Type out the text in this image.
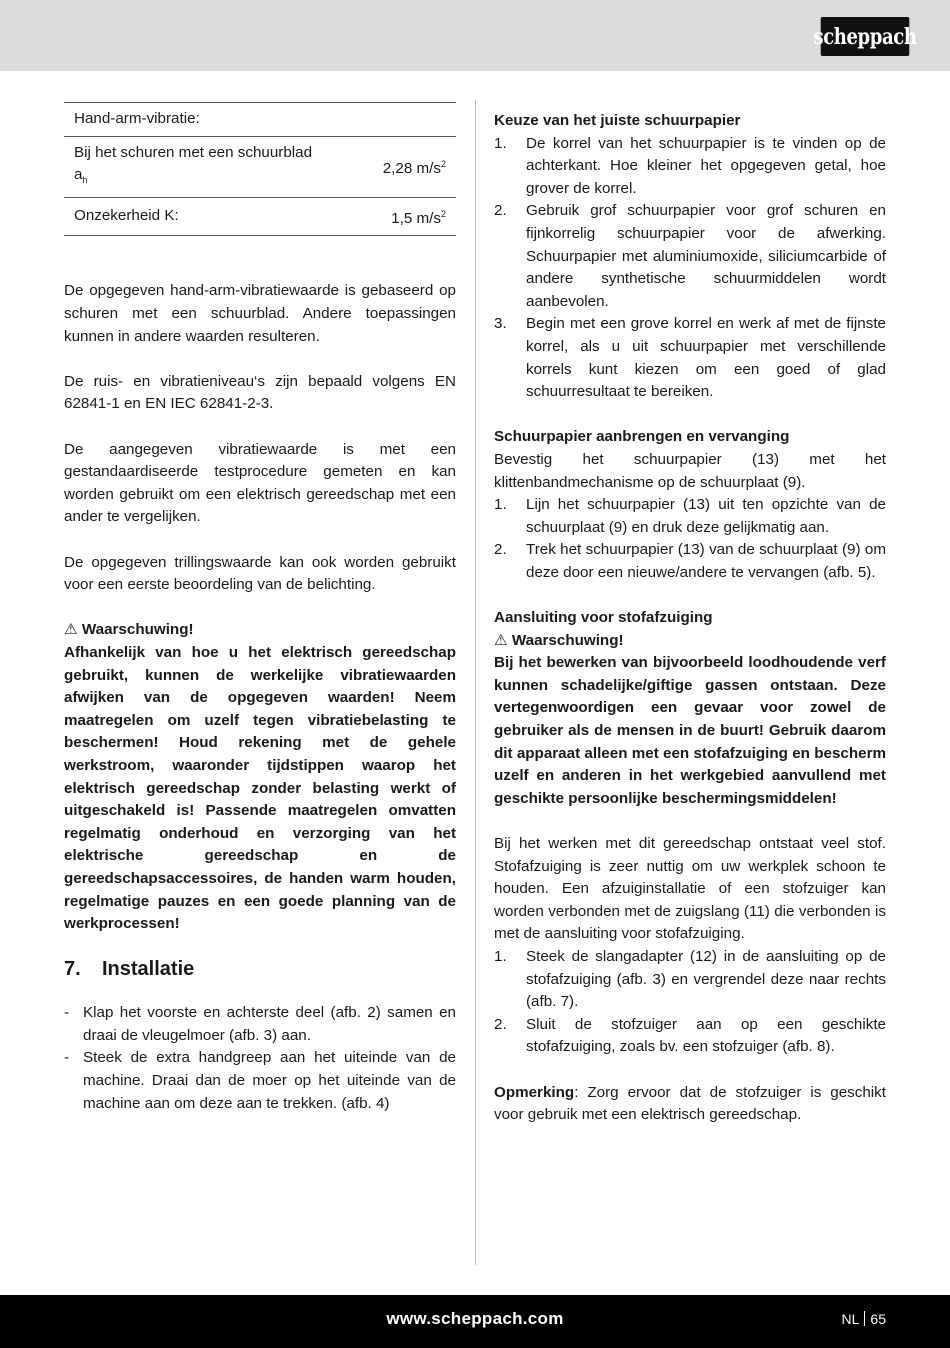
scheppach
Hand-arm-vibratie:	
Bij het schuren met een schuurblad $a_h$	2,28 $m/s^2$
Onzekerheid K:	1,5 $m/s^2$

De opgegeven hand-arm-vibratiewaarde is gebaseerd op schuren met een schuurblad. Andere toepassingen kunnen in andere waarden resulteren.

De ruis- en vibratieniveau‘s zijn bepaald volgens EN 62841-1 en EN IEC 62841-2-3.

De aangegeven vibratiewaarde is met een gestandaardiseerde testprocedure gemeten en kan worden gebruikt om een elektrisch gereedschap met een ander te vergelijken.

De opgegeven trillingswaarde kan ook worden gebruikt voor een eerste beoordeling van de belichting.

⚠ Waarschuwing!

Afhankelijk van hoe u het elektrisch gereedschap gebruikt, kunnen de werkelijke vibratiewaarden afwijken van de opgegeven waarden! Neem maatregelen om uzelf tegen vibratiebelasting te beschermen! Houd rekening met de gehele werkstroom, waaronder tijdstippen waarop het elektrisch gereedschap zonder belasting werkt of uitgeschakeld is! Passende maatregelen omvatten regelmatig onderhoud en verzorging van het elektrische gereedschap en de gereedschapsaccessoires, de handen warm houden, regelmatige pauzes en een goede planning van de werkprocessen!

7.	Installatie
- Klap het voorste en achterste deel (afb. 2) samen en draai de vleugelmoer (afb. 3) aan.
- Steek de extra handgreep aan het uiteinde van de machine. Draai dan de moer op het uiteinde van de machine aan om deze aan te trekken. (afb. 4)

Keuze van het juiste schuurpapier

1. De korrel van het schuurpapier is te vinden op de achterkant. Hoe kleiner het opgegeven getal, hoe grover de korrel.
2. Gebruik grof schuurpapier voor grof schuren en fijnkorrelig schuurpapier voor de afwerking. Schuurpapier met aluminiumoxide, siliciumcarbide of andere synthetische schuurmiddelen wordt aanbevolen.
3. Begin met een grove korrel en werk af met de fijnste korrel, als u uit schuurpapier met verschillende korrels kunt kiezen om een goed of glad schuurresultaat te bereiken.

Schuurpapier aanbrengen en vervanging

Bevestig het schuurpapier (13) met het klittenbandmechanisme op de schuurplaat (9).

1. Lijn het schuurpapier (13) uit ten opzichte van de schuurplaat (9) en druk deze gelijkmatig aan.
2. Trek het schuurpapier (13) van de schuurplaat (9) om deze door een nieuwe/andere te vervangen (afb. 5).

Aansluiting voor stofafzuiging

⚠ Waarschuwing!

Bij het bewerken van bijvoorbeeld loodhoudende verf kunnen schadelijke/giftige gassen ontstaan. Deze vertegenwoordigen een gevaar voor zowel de gebruiker als de mensen in de buurt! Gebruik daarom dit apparaat alleen met een stofafzuiging en bescherm uzelf en anderen in het werkgebied aanvullend met geschikte persoonlijke beschermingsmiddelen!

Bij het werken met dit gereedschap ontstaat veel stof. Stofafzuiging is zeer nuttig om uw werkplek schoon te houden. Een afzuiginstallatie of een stofzuiger kan worden verbonden met de zuigslang (11) die verbonden is met de aansluiting voor stofafzuiging.

1. Steek de slangadapter (12) in de aansluiting op de stofafzuiging (afb. 3) en vergrendel deze naar rechts (afb. 7).
2. Sluit de stofzuiger aan op een geschikte stofafzuiging, zoals bv. een stofzuiger (afb. 8).

Opmerking: Zorg ervoor dat de stofzuiger is geschikt voor gebruik met een elektrisch gereedschap.

www.scheppach.com	NL 65
